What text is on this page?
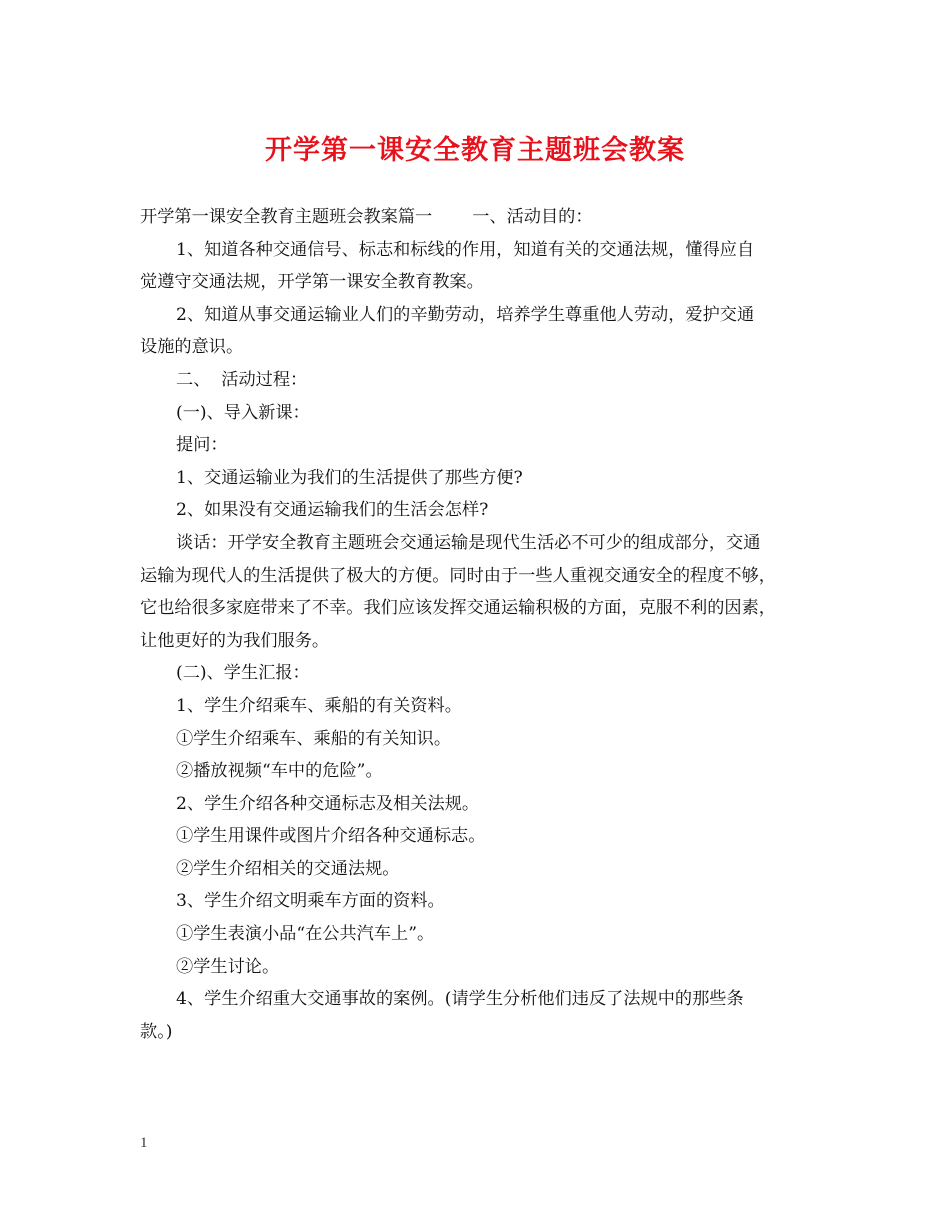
开学第一课安全教育主题班会教案

开学第一课安全教育主题班会教案篇一 一、活动目的：

1、知道各种交通信号、标志和标线的作用，知道有关的交通法规，懂得应自

觉遵守交通法规，开学第一课安全教育教案。

2、知道从事交通运输业人们的辛勤劳动，培养学生尊重他人劳动，爱护交通

设施的意识。

二、  活动过程：

(一)、导入新课：

提问：

1、交通运输业为我们的生活提供了那些方便?

2、如果没有交通运输我们的生活会怎样?

谈话：开学安全教育主题班会交通运输是现代生活必不可少的组成部分，交通

运输为现代人的生活提供了极大的方便。同时由于一些人重视交通安全的程度不够，

它也给很多家庭带来了不幸。我们应该发挥交通运输积极的方面，克服不利的因素，

让他更好的为我们服务。

(二)、学生汇报：

1、学生介绍乘车、乘船的有关资料。

①学生介绍乘车、乘船的有关知识。

②播放视频“车中的危险”。

2、学生介绍各种交通标志及相关法规。

①学生用课件或图片介绍各种交通标志。

②学生介绍相关的交通法规。

3、学生介绍文明乘车方面的资料。

①学生表演小品“在公共汽车上”。

②学生讨论。

4、学生介绍重大交通事故的案例。(请学生分析他们违反了法规中的那些条

款。)

1
